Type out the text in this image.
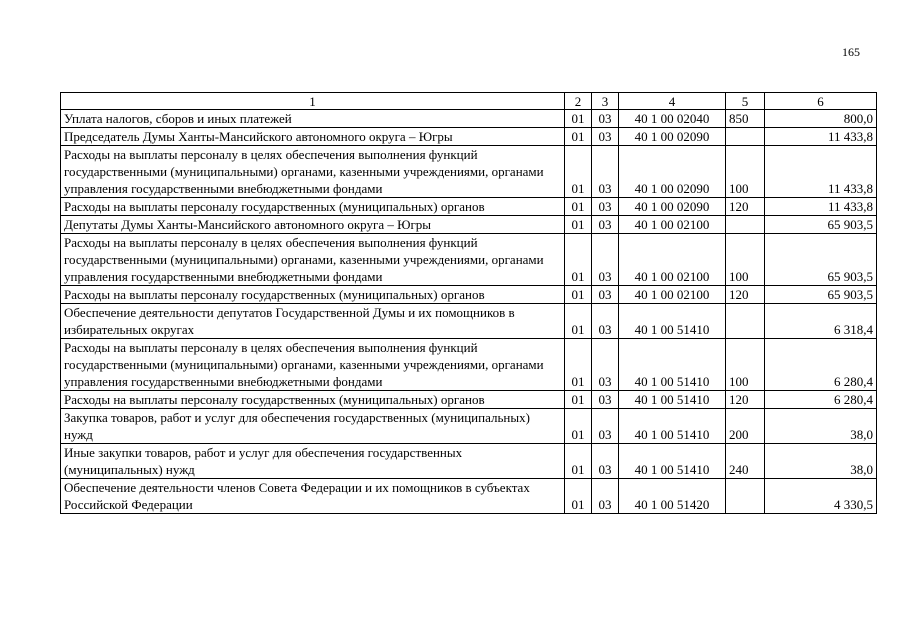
165
1	2	3	4	5	6
Уплата налогов, сборов и иных платежей	01	03	40 1 00 02040	850	800,0
Председатель Думы Ханты-Мансийского автономного округа – Югры	01	03	40 1 00 02090		11 433,8
Расходы на выплаты персоналу в целях обеспечения выполнения функций государственными (муниципальными) органами, казенными учреждениями, органами управления государственными внебюджетными фондами	01	03	40 1 00 02090	100	11 433,8
Расходы на выплаты персоналу государственных (муниципальных) органов	01	03	40 1 00 02090	120	11 433,8
Депутаты Думы Ханты-Мансийского автономного округа – Югры	01	03	40 1 00 02100		65 903,5
Расходы на выплаты персоналу в целях обеспечения выполнения функций государственными (муниципальными) органами, казенными учреждениями, органами управления государственными внебюджетными фондами	01	03	40 1 00 02100	100	65 903,5
Расходы на выплаты персоналу государственных (муниципальных) органов	01	03	40 1 00 02100	120	65 903,5
Обеспечение деятельности депутатов Государственной Думы и их помощников в избирательных округах	01	03	40 1 00 51410		6 318,4
Расходы на выплаты персоналу в целях обеспечения выполнения функций государственными (муниципальными) органами, казенными учреждениями, органами управления государственными внебюджетными фондами	01	03	40 1 00 51410	100	6 280,4
Расходы на выплаты персоналу государственных (муниципальных) органов	01	03	40 1 00 51410	120	6 280,4
Закупка товаров, работ и услуг для обеспечения государственных (муниципальных) нужд	01	03	40 1 00 51410	200	38,0
Иные закупки товаров, работ и услуг для обеспечения государственных (муниципальных) нужд	01	03	40 1 00 51410	240	38,0
Обеспечение деятельности членов Совета Федерации и их помощников в субъектах Российской Федерации	01	03	40 1 00 51420		4 330,5
